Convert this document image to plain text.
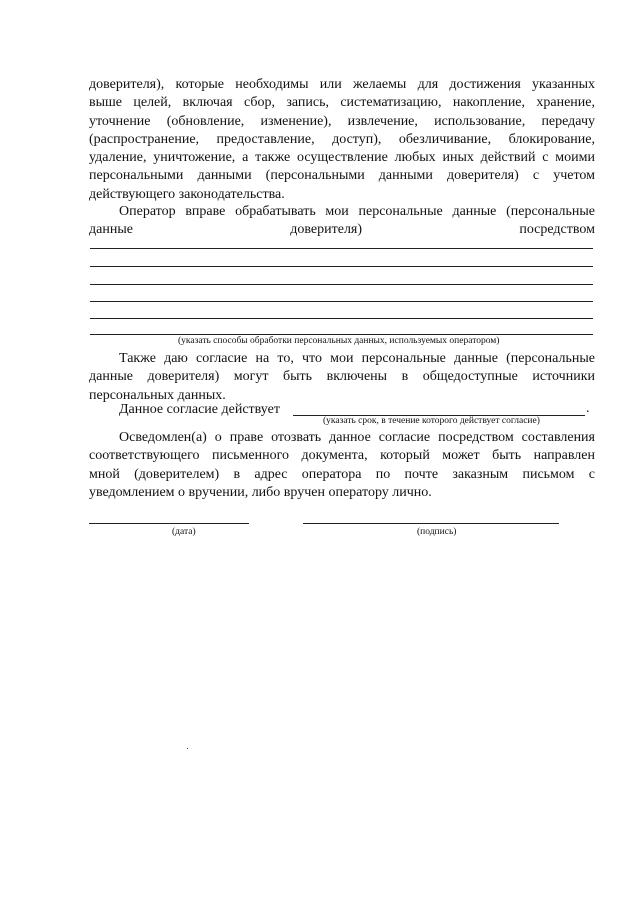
доверителя), которые необходимы или желаемы для достижения указанных
выше целей, включая сбор, запись, систематизацию, накопление, хранение,
уточнение (обновление, изменение), извлечение, использование, передачу
(распространение, предоставление, доступ), обезличивание, блокирование,
удаление, уничтожение, а также осуществление любых иных действий с моими
персональными данными (персональными данными доверителя) с учетом
действующего законодательства.
Оператор вправе обрабатывать мои персональные данные (персональные
данные доверителя) посредством
(указать способы обработки персональных данных, используемых оператором)
Также даю согласие на то, что мои персональные данные (персональные
данные доверителя) могут быть включены в общедоступные источники
персональных данных.
Данное согласие действует	.
(указать срок, в течение которого действует согласие)
Осведомлен(а) о праве отозвать данное согласие посредством составления
соответствующего письменного документа, который может быть направлен
мной (доверителем) в адрес оператора по почте заказным письмом с
уведомлением о вручении, либо вручен оператору лично.
(дата)	(подпись)
